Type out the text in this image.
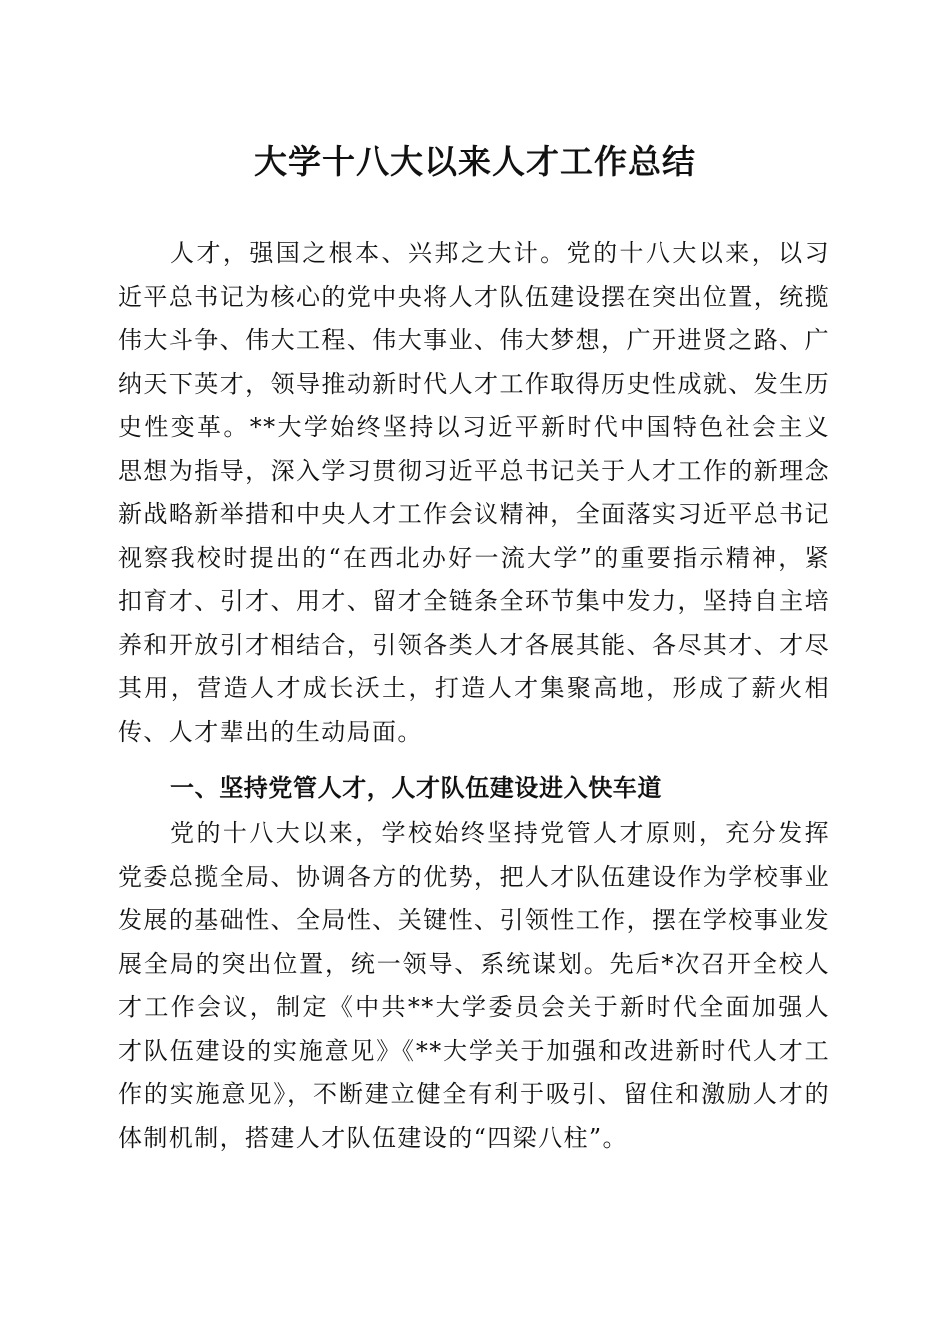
大学十八大以来人才工作总结

人才，强国之根本、兴邦之大计。党的十八大以来，以习近平总书记为核心的党中央将人才队伍建设摆在突出位置，统揽伟大斗争、伟大工程、伟大事业、伟大梦想，广开进贤之路、广纳天下英才，领导推动新时代人才工作取得历史性成就、发生历史性变革。**大学始终坚持以习近平新时代中国特色社会主义思想为指导，深入学习贯彻习近平总书记关于人才工作的新理念新战略新举措和中央人才工作会议精神，全面落实习近平总书记视察我校时提出的“在西北办好一流大学”的重要指示精神，紧扣育才、引才、用才、留才全链条全环节集中发力，坚持自主培养和开放引才相结合，引领各类人才各展其能、各尽其才、才尽其用，营造人才成长沃土，打造人才集聚高地，形成了薪火相传、人才辈出的生动局面。

一、坚持党管人才，人才队伍建设进入快车道

党的十八大以来，学校始终坚持党管人才原则，充分发挥党委总揽全局、协调各方的优势，把人才队伍建设作为学校事业发展的基础性、全局性、关键性、引领性工作，摆在学校事业发展全局的突出位置，统一领导、系统谋划。先后*次召开全校人才工作会议，制定《中共**大学委员会关于新时代全面加强人才队伍建设的实施意见》《**大学关于加强和改进新时代人才工作的实施意见》，不断建立健全有利于吸引、留住和激励人才的体制机制，搭建人才队伍建设的“四梁八柱”。
